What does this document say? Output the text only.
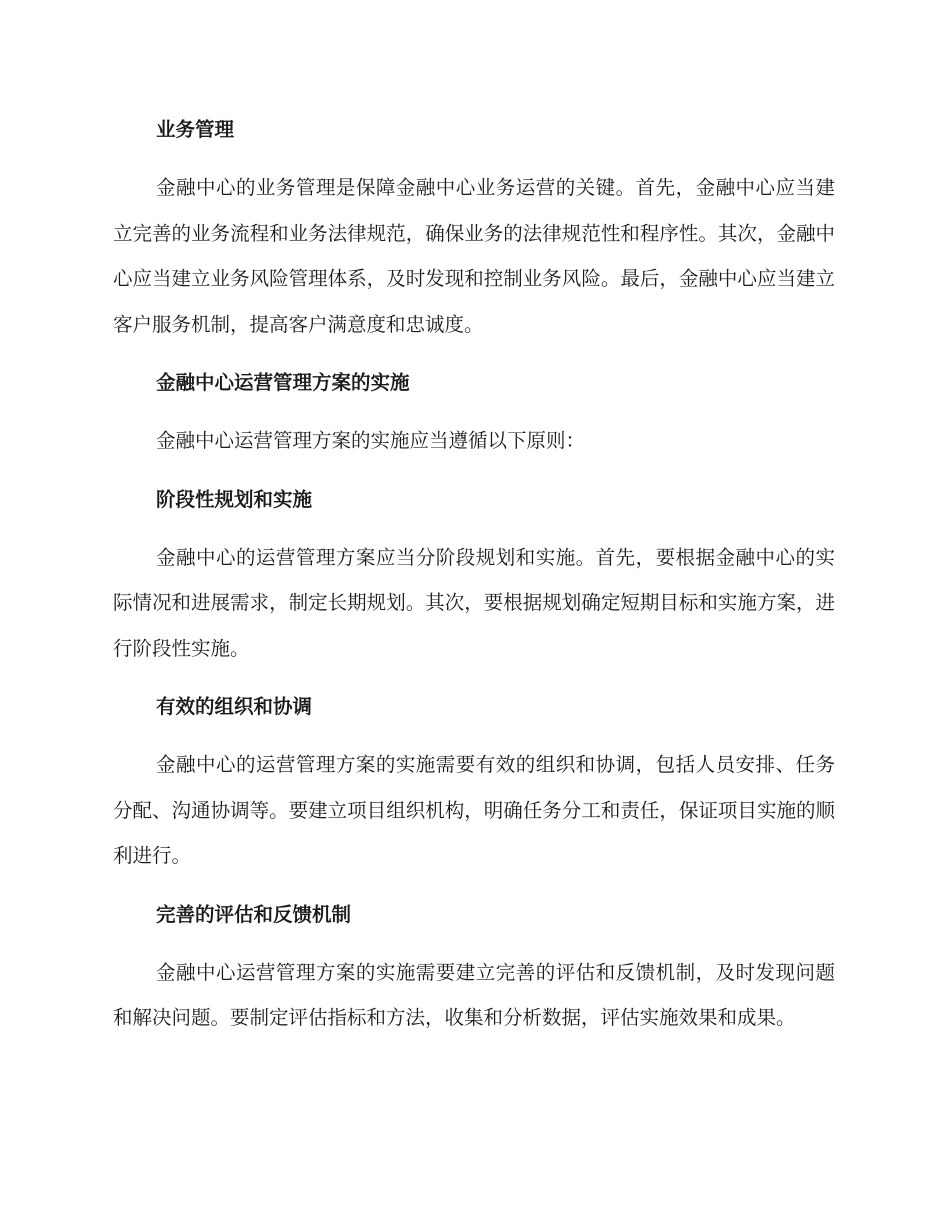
业务管理

金融中心的业务管理是保障金融中心业务运营的关键。首先，金融中心应当建立完善的业务流程和业务法律规范，确保业务的法律规范性和程序性。其次，金融中心应当建立业务风险管理体系，及时发现和控制业务风险。最后，金融中心应当建立客户服务机制，提高客户满意度和忠诚度。

金融中心运营管理方案的实施

金融中心运营管理方案的实施应当遵循以下原则：

阶段性规划和实施

金融中心的运营管理方案应当分阶段规划和实施。首先，要根据金融中心的实际情况和进展需求，制定长期规划。其次，要根据规划确定短期目标和实施方案，进行阶段性实施。

有效的组织和协调

金融中心的运营管理方案的实施需要有效的组织和协调，包括人员安排、任务分配、沟通协调等。要建立项目组织机构，明确任务分工和责任，保证项目实施的顺利进行。

完善的评估和反馈机制

金融中心运营管理方案的实施需要建立完善的评估和反馈机制，及时发现问题和解决问题。要制定评估指标和方法，收集和分析数据，评估实施效果和成果。
